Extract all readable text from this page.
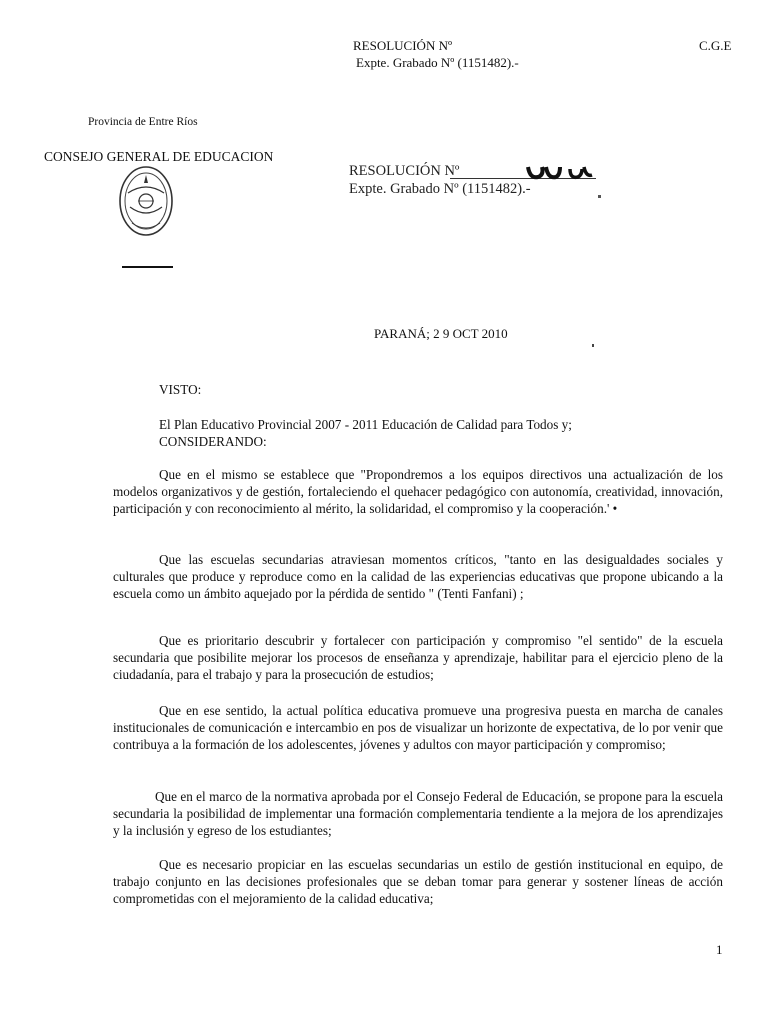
RESOLUCIÓN Nº	C.G.E
Expte. Grabado Nº (1151482).-
Provincia de Entre Ríos
CONSEJO GENERAL DE EDUCACION
RESOLUCIÓN Nº
Expte. Grabado Nº (1151482).-
PARANÁ; 2 9 OCT 2010
VISTO:
El Plan Educativo Provincial 2007 - 2011 Educación de Calidad para Todos y;
CONSIDERANDO:
Que en el mismo se establece que "Propondremos a los equipos directivos una actualización de los modelos organizativos y de gestión, fortaleciendo el quehacer pedagógico con autonomía, creatividad, innovación, participación y con reconocimiento al mérito, la solidaridad, el compromiso y la cooperación.' •
Que las escuelas secundarias atraviesan momentos críticos, "tanto en las desigualdades sociales y culturales que produce y reproduce como en la calidad de las experiencias educativas que propone ubicando a la escuela como un ámbito aquejado por la pérdida de sentido " (Tenti Fanfani) ;
Que es prioritario descubrir y fortalecer con participación y compromiso "el sentido" de la escuela secundaria que posibilite mejorar los procesos de enseñanza y aprendizaje, habilitar para el ejercicio pleno de la ciudadanía, para el trabajo y para la prosecución de estudios;
Que en ese sentido, la actual política educativa promueve una progresiva puesta en marcha de canales institucionales de comunicación e intercambio en pos de visualizar un horizonte de expectativa, de lo por venir que contribuya a la formación de los adolescentes, jóvenes y adultos con mayor participación y compromiso;
Que en el marco de la normativa aprobada por el Consejo Federal de Educación, se propone para la escuela secundaria la posibilidad de implementar una formación complementaria tendiente a la mejora de los aprendizajes y la inclusión y egreso de los estudiantes;
Que es necesario propiciar en las escuelas secundarias un estilo de gestión institucional en equipo, de trabajo conjunto en las decisiones profesionales que se deban tomar para generar y sostener líneas de acción comprometidas con el mejoramiento de la calidad educativa;
1
